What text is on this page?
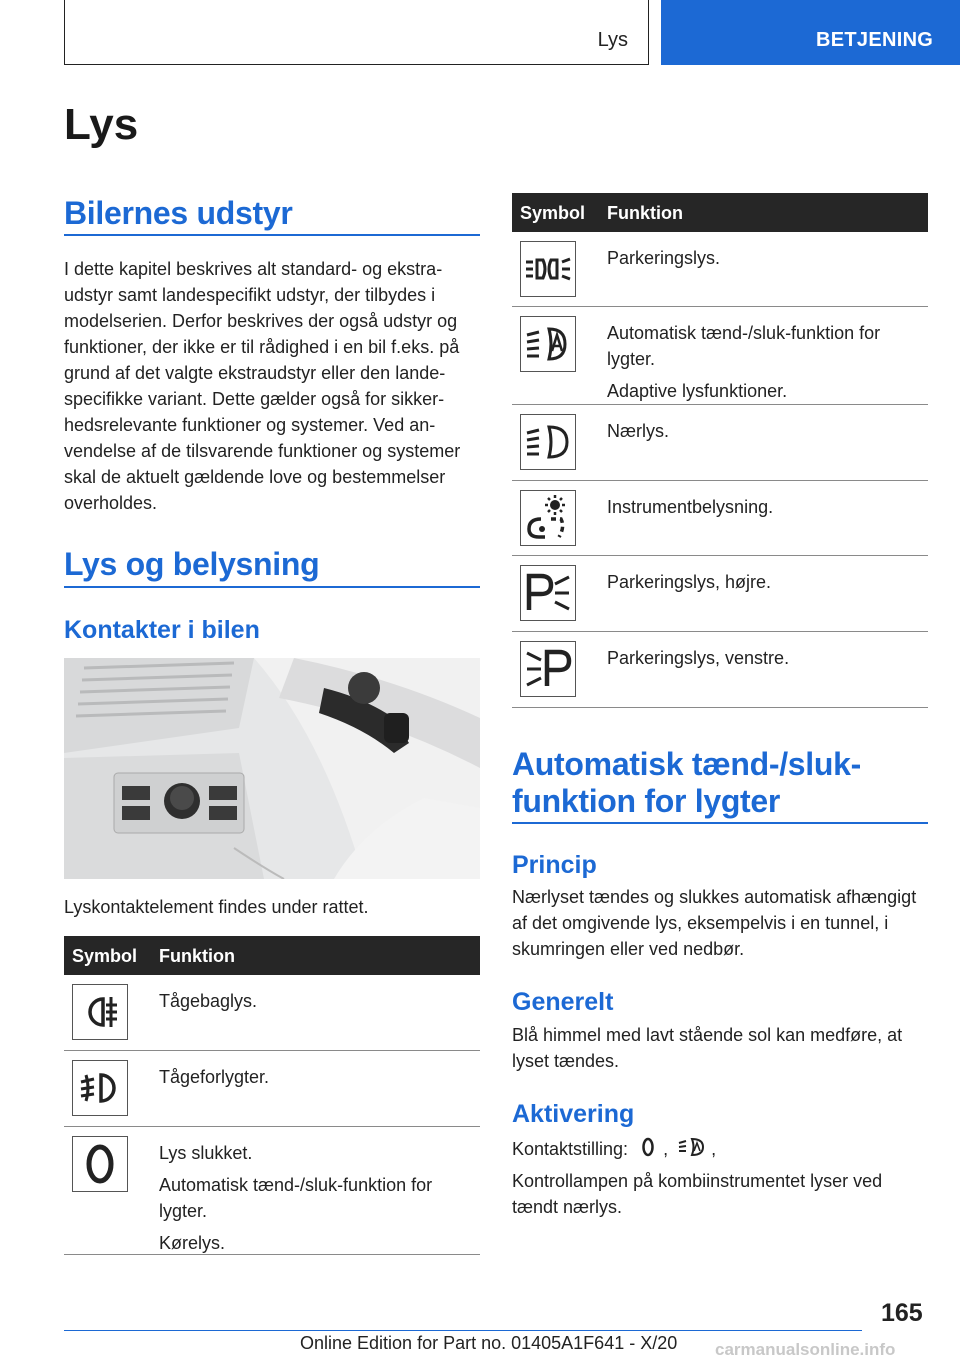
Lys	BETJENING
Lys
Bilernes udstyr

I dette kapitel beskrives alt standard- og ekstraudstyr samt landespecifikt udstyr, der tilbydes i modelserien. Derfor beskrives der også udstyr og funktioner, der ikke er til rådighed i en bil f.eks. på grund af det valgte ekstraudstyr eller den landespecifikke variant. Dette gælder også for sikkerhedsrelevante funktioner og systemer. Ved anvendelse af de tilsvarende funktioner og systemer skal de aktuelt gældende love og bestemmelser overholdes.

Lys og belysning
Kontakter i bilen

Lyskontaktelement findes under rattet.

Symbol Funktion

Tågebaglys.

Tågeforlygter.

Lys slukket.

Automatisk tænd-/sluk-funktion for lygter.

Kørelys.

Symbol Funktion

Parkeringslys.

Automatisk tænd-/sluk-funktion for lygter.

Adaptive lysfunktioner.

Nærlys.

Instrumentbelysning.

Parkeringslys, højre.

Parkeringslys, venstre.

Automatisk tænd-/sluk-
funktion for lygter
Princip

Nærlyset tændes og slukkes automatisk afhængigt af det omgivende lys, eksempelvis i en tunnel, i skumringen eller ved nedbør.

Generelt

Blå himmel med lavt stående sol kan medføre, at lyset tændes.

Aktivering

Kontaktstilling: , ,

Kontrollampen på kombiinstrumentet lyser ved tændt nærlys.

165
Online Edition for Part no. 01405A1F641 - X/20 carmanualsonline.info
